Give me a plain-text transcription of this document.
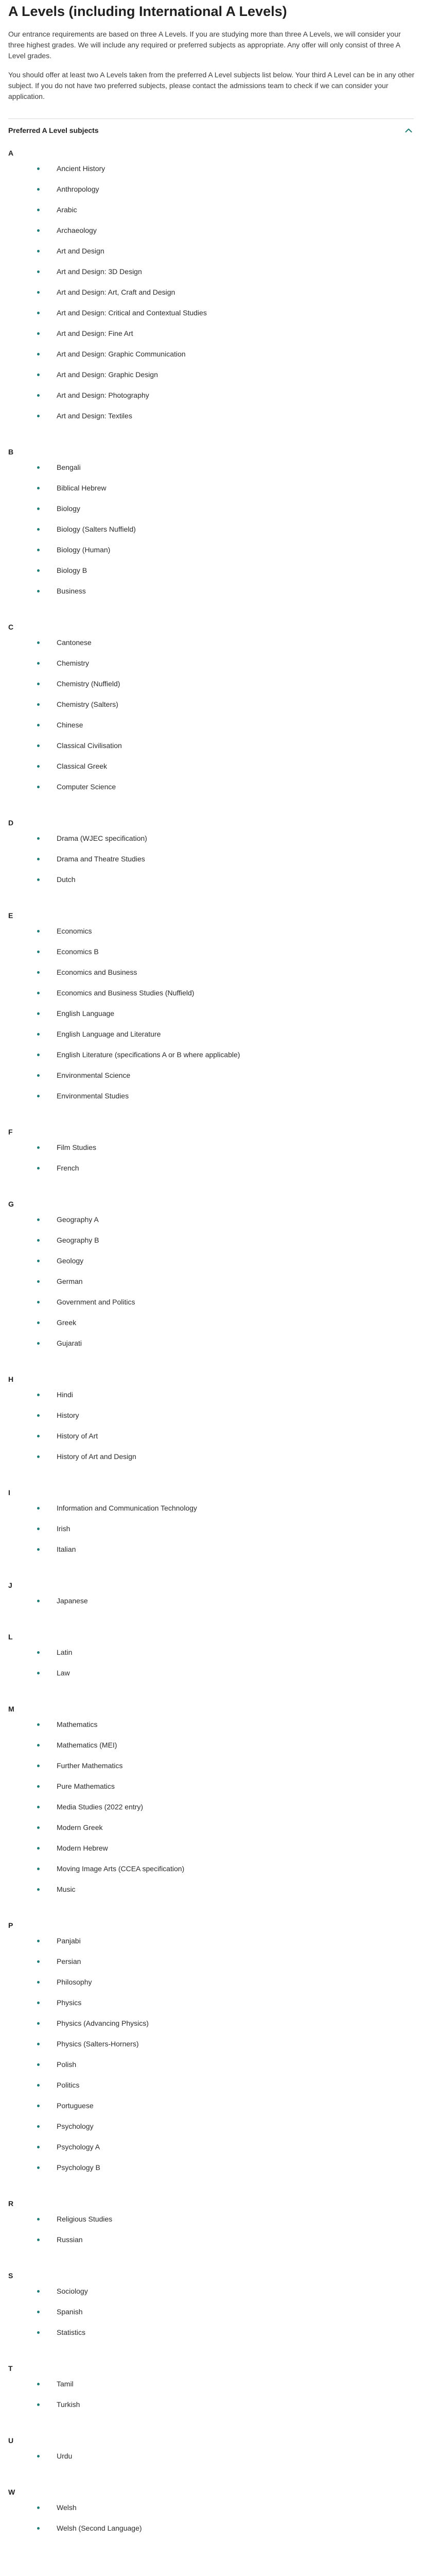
A Levels (including International A Levels)

Our entrance requirements are based on three A Levels. If you are studying more than three A Levels, we will consider your three highest grades. We will include any required or preferred subjects as appropriate. Any offer will only consist of three A Level grades.

You should offer at least two A Levels taken from the preferred A Level subjects list below. Your third A Level can be in any other subject. If you do not have two preferred subjects, please contact the admissions team to check if we can consider your application.

Preferred A Level subjects
A
Ancient History
Anthropology
Arabic
Archaeology
Art and Design
Art and Design: 3D Design
Art and Design: Art, Craft and Design
Art and Design: Critical and Contextual Studies
Art and Design: Fine Art
Art and Design: Graphic Communication
Art and Design: Graphic Design
Art and Design: Photography
Art and Design: Textiles
B
Bengali
Biblical Hebrew
Biology
Biology (Salters Nuffield)
Biology (Human)
Biology B
Business
C
Cantonese
Chemistry
Chemistry (Nuffield)
Chemistry (Salters)
Chinese
Classical Civilisation
Classical Greek
Computer Science
D
Drama (WJEC specification)
Drama and Theatre Studies
Dutch
E
Economics
Economics B
Economics and Business
Economics and Business Studies (Nuffield)
English Language
English Language and Literature
English Literature (specifications A or B where applicable)
Environmental Science
Environmental Studies
F
Film Studies
French
G
Geography A
Geography B
Geology
German
Government and Politics
Greek
Gujarati
H
Hindi
History
History of Art
History of Art and Design
I
Information and Communication Technology
Irish
Italian
J
Japanese
L
Latin
Law
M
Mathematics
Mathematics (MEI)
Further Mathematics
Pure Mathematics
Media Studies (2022 entry)
Modern Greek
Modern Hebrew
Moving Image Arts (CCEA specification)
Music
P
Panjabi
Persian
Philosophy
Physics
Physics (Advancing Physics)
Physics (Salters-Horners)
Polish
Politics
Portuguese
Psychology
Psychology A
Psychology B
R
Religious Studies
Russian
S
Sociology
Spanish
Statistics
T
Tamil
Turkish
U
Urdu
W
Welsh
Welsh (Second Language)
